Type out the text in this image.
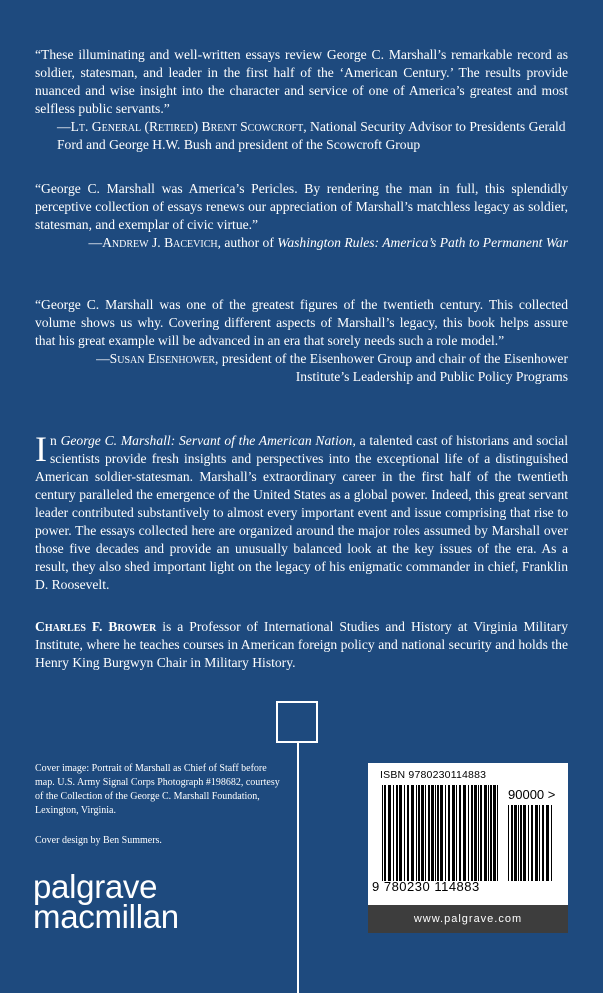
“These illuminating and well-written essays review George C. Marshall’s remarkable record as soldier, statesman, and leader in the first half of the ‘American Century.’ The results provide nuanced and wise insight into the character and service of one of America’s greatest and most selfless public servants.”
—Lt. General (Retired) Brent Scowcroft, National Security Advisor to Presidents Gerald Ford and George H.W. Bush and president of the Scowcroft Group
“George C. Marshall was America’s Pericles. By rendering the man in full, this splendidly perceptive collection of essays renews our appreciation of Marshall’s matchless legacy as soldier, statesman, and exemplar of civic virtue.”
—Andrew J. Bacevich, author of Washington Rules: America’s Path to Permanent War
“George C. Marshall was one of the greatest figures of the twentieth century. This collected volume shows us why. Covering different aspects of Marshall’s legacy, this book helps assure that his great example will be advanced in an era that sorely needs such a role model.”
—Susan Eisenhower, president of the Eisenhower Group and chair of the Eisenhower Institute’s Leadership and Public Policy Programs
In George C. Marshall: Servant of the American Nation, a talented cast of historians and social scientists provide fresh insights and perspectives into the exceptional life of a distinguished American soldier-statesman. Marshall’s extraordinary career in the first half of the twentieth century paralleled the emergence of the United States as a global power. Indeed, this great servant leader contributed substantively to almost every important event and issue comprising that rise to power. The essays collected here are organized around the major roles assumed by Marshall over those five decades and provide an unusually balanced look at the key issues of the era. As a result, they also shed important light on the legacy of his enigmatic commander in chief, Franklin D. Roosevelt.
Charles F. Brower is a Professor of International Studies and History at Virginia Military Institute, where he teaches courses in American foreign policy and national security and holds the Henry King Burgwyn Chair in Military History.
Cover image: Portrait of Marshall as Chief of Staff before map. U.S. Army Signal Corps Photograph #198682, courtesy of the Collection of the George C. Marshall Foundation, Lexington, Virginia.
Cover design by Ben Summers.
palgrave
macmillan
ISBN 9780230114883
90000 >
9 780230 114883
www.palgrave.com
